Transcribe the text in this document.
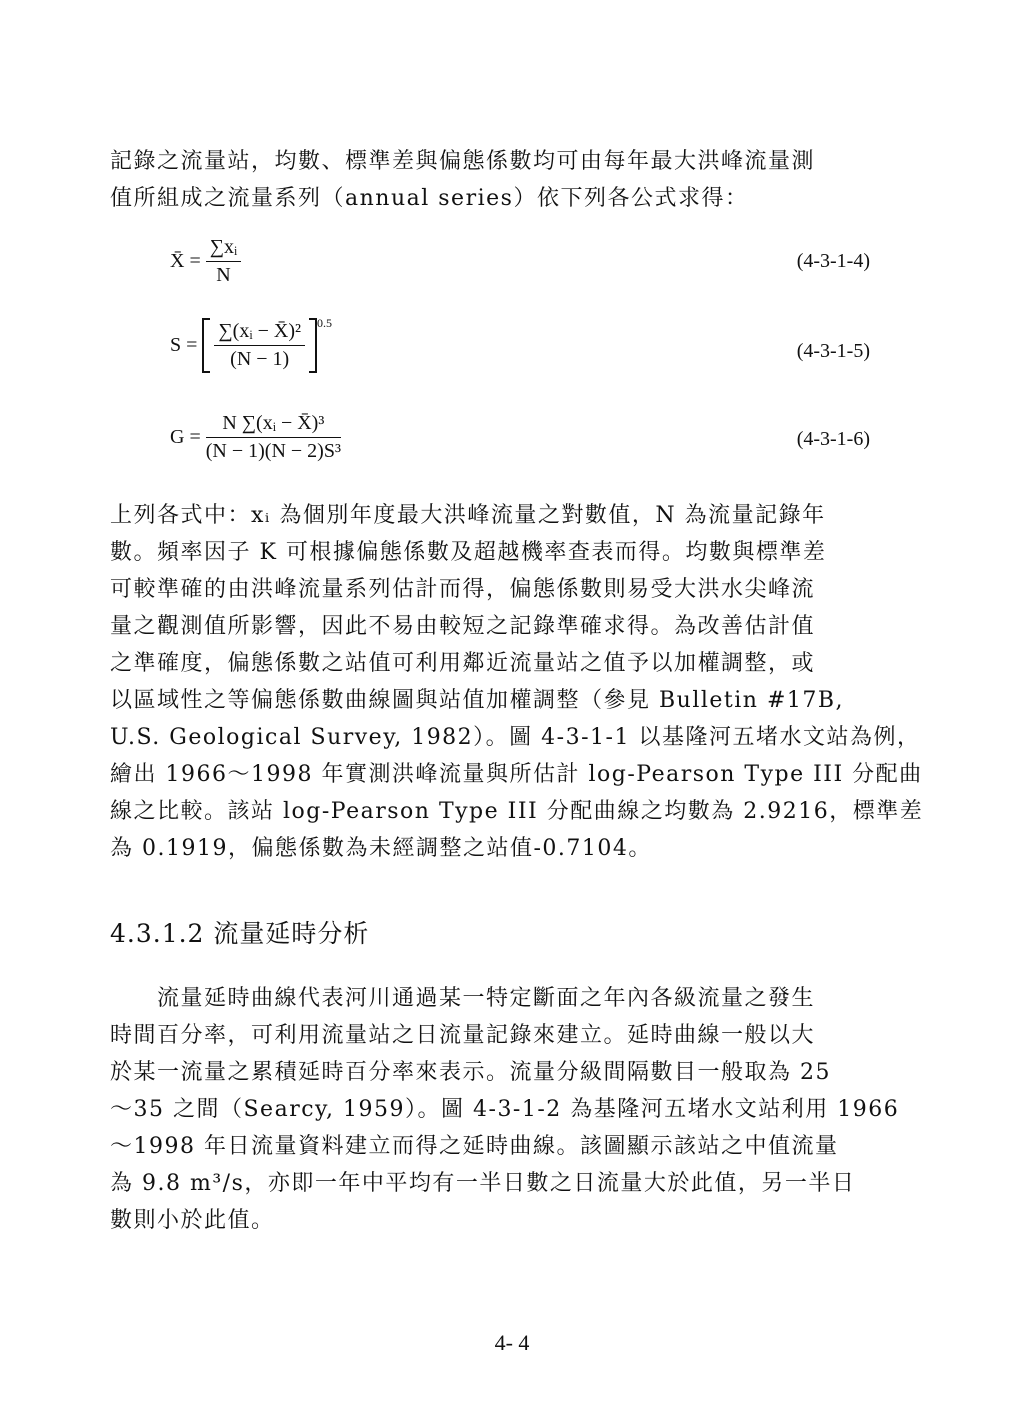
記錄之流量站，均數、標準差與偏態係數均可由每年最大洪峰流量測
值所組成之流量系列（annual series）依下列各公式求得：
X̄ = $\frac{\text{∑xᵢ}}{N}$	(4-3-1-4)
$S = \frac{\text{∑(xᵢ − X̄)²}}{(N - 1)} ^{0.5}$
(4-3-1-5)
$G = \frac{\text{N ∑(xᵢ − X̄)³}}{\text{(N − 1)(N − 2)S³}}$	(4-3-1-6)
上列各式中：xᵢ 為個別年度最大洪峰流量之對數值，N 為流量記錄年
數。頻率因子 K 可根據偏態係數及超越機率查表而得。均數與標準差
可較準確的由洪峰流量系列估計而得，偏態係數則易受大洪水尖峰流
量之觀測值所影響，因此不易由較短之記錄準確求得。為改善估計值
之準確度，偏態係數之站值可利用鄰近流量站之值予以加權調整，或
以區域性之等偏態係數曲線圖與站值加權調整（參見 Bulletin #17B,
U.S. Geological Survey, 1982）。圖 4-3-1-1 以基隆河五堵水文站為例，
繪出 1966～1998 年實測洪峰流量與所估計 log-Pearson Type III 分配曲
線之比較。該站 log-Pearson Type III 分配曲線之均數為 2.9216，標準差
為 0.1919，偏態係數為未經調整之站值-0.7104。
4.3.1.2 流量延時分析
　　流量延時曲線代表河川通過某一特定斷面之年內各級流量之發生
時間百分率，可利用流量站之日流量記錄來建立。延時曲線一般以大
於某一流量之累積延時百分率來表示。流量分級間隔數目一般取為 25
～35 之間（Searcy, 1959）。圖 4-3-1-2 為基隆河五堵水文站利用 1966
～1998 年日流量資料建立而得之延時曲線。該圖顯示該站之中值流量
為 9.8 m³/s，亦即一年中平均有一半日數之日流量大於此值，另一半日
數則小於此值。
4- 4
